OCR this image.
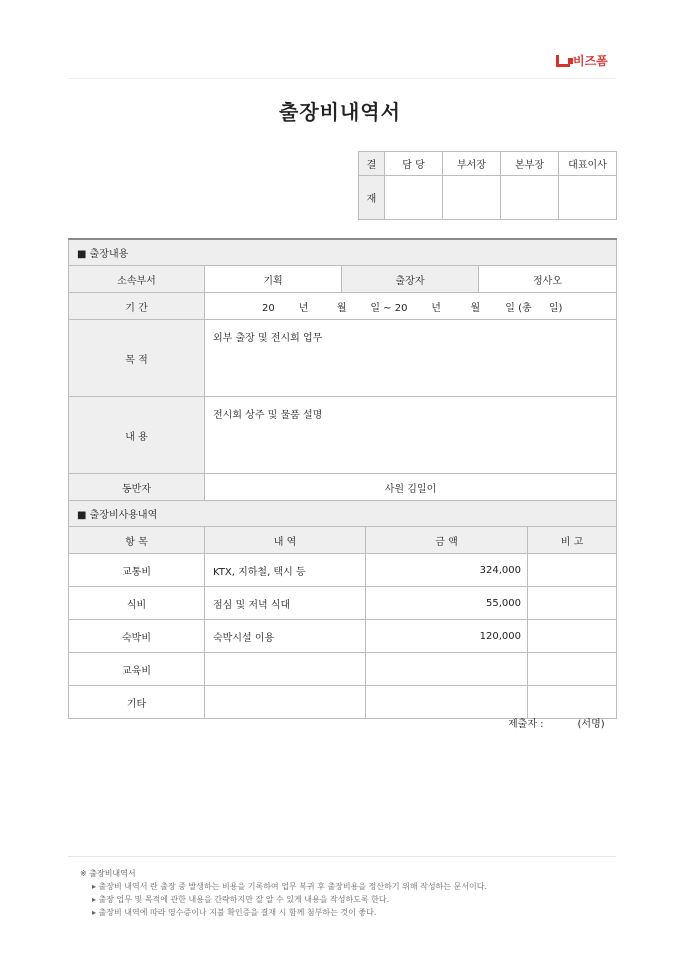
비즈폼
출장비내역서
결	담 당	부서장	본부장	대표이사
재				
■ 출장내용					
소속부서	기획	출장자		정사오	
기 간	20 년 월 일 ~ 20 년 월 일 (총 일)				
목 적	외부 출장 및 전시회 업무				
내 용	전시회 상주 및 물품 설명				
동반자	사원 김일이				
■ 출장비사용내역					
항 목	내 역		금 액		비 고
교통비	KTX, 지하철, 택시 등		324,000		
식비	점심 및 저녁 식대		55,000		
숙박비	숙박시설 이용		120,000		
교육비					
기타					
제출자 :	(서명)
※ 출장비내역서
▸ 출장비 내역서 란 출장 중 발생하는 비용을 기록하여 업무 복귀 후 출장비용을 정산하기 위해 작성하는 문서이다.
▸ 출장 업무 및 목적에 관한 내용을 간략하지만 잘 알 수 있게 내용을 작성하도록 한다.
▸ 출장비 내역에 따라 영수증이나 지불 확인증을 결재 시 함께 첨부하는 것이 좋다.
